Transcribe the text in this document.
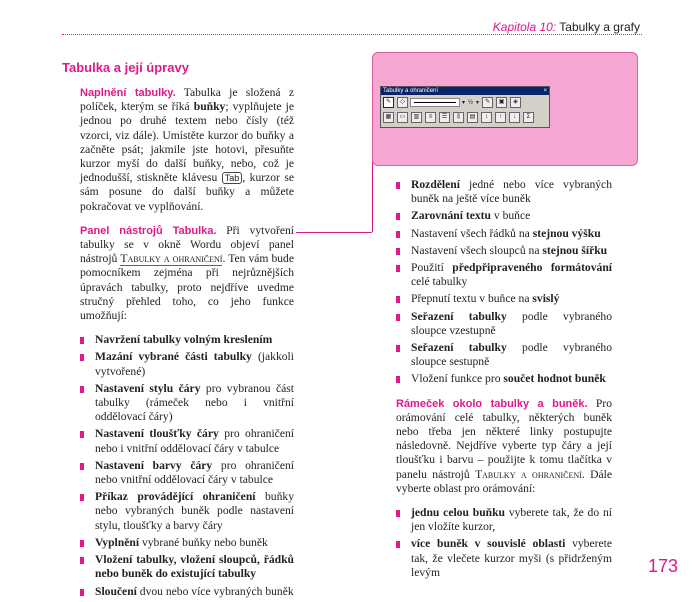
Kapitola 10: Tabulky a grafy
Tabulka a její úpravy

Naplnění tabulky. Tabulka je složená z políček, kterým se říká buňky; vyplňujete je jednou po druhé textem nebo čísly (též vzorci, viz dále). Umístěte kurzor do buňky a začněte psát; jakmile jste hotovi, přesuňte kurzor myší do další buňky, nebo, což je jednodušší, stiskněte klávesu Tab , kurzor se sám posune do další buňky a můžete pokračovat ve vyplňování.

Panel nástrojů Tabulka. Při vytvoření tabulky se v okně Wordu objeví panel nástrojů Tabulky a ohraničení. Ten vám bude pomocníkem zejména při nejrůznějších úpravách tabulky, proto nejdříve uvedme stručný přehled toho, co jeho funkce umožňují:

Navržení tabulky volným kreslením
Mazání vybrané části tabulky (jakkoli vytvořené)
Nastavení stylu čáry pro vybranou část tabulky (rámeček nebo i vnitřní oddělovací čáry)
Nastavení tloušťky čáry pro ohraničení nebo i vnitřní oddělovací čáry v tabulce
Nastavení barvy čáry pro ohraničení nebo vnitřní oddělovací čáry v tabulce
Příkaz provádějící ohraničení buňky nebo vybraných buněk podle nastavení stylu, tloušťky a barvy čáry
Vyplnění vybrané buňky nebo buněk
Vložení tabulky, vložení sloupců, řádků nebo buněk do existující tabulky
Sloučení dvou nebo více vybraných buněk
Tabulky a ohraničení	×
✎	◇	▾ ½ ▾ ✎	▣	◈
▦	▭	▥	≡	☰	⫼	▤	↕	↑	↓	Σ
Rozdělení jedné nebo více vybraných buněk na ještě více buněk
Zarovnání textu v buňce
Nastavení všech řádků na stejnou výšku
Nastavení všech sloupců na stejnou šířku
Použití předpřipraveného formátování celé tabulky
Přepnutí textu v buňce na svislý
Seřazení tabulky podle vybraného sloupce vzestupně
Seřazení tabulky podle vybraného sloupce sestupně
Vložení funkce pro součet hodnot buněk

Rámeček okolo tabulky a buněk. Pro orámování celé tabulky, některých buněk nebo třeba jen některé linky postupujte následovně. Nejdříve vyberte typ čáry a její tloušťku i barvu – použijte k tomu tlačítka v panelu nástrojů Tabulky a ohraničení. Dále vyberte oblast pro orámování:

jednu celou buňku vyberete tak, že do ní jen vložíte kurzor,
více buněk v souvislé oblasti vyberete tak, že vlečete kurzor myši (s přidrženým levým	173
